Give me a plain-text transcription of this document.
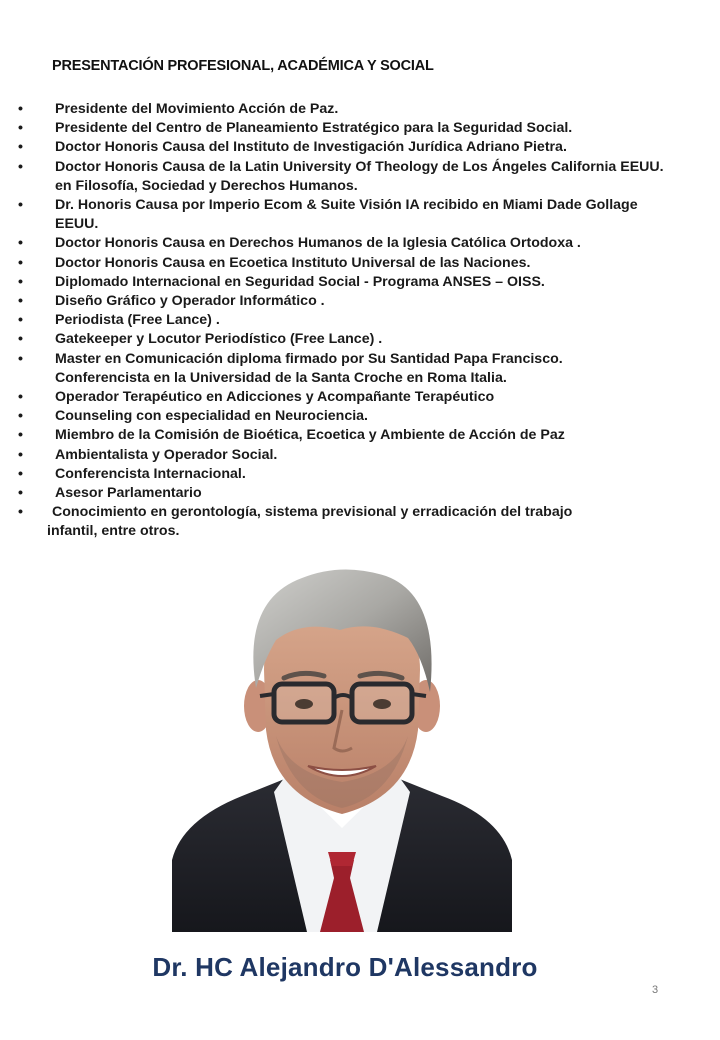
PRESENTACIÓN PROFESIONAL, ACADÉMICA Y SOCIAL
•	Presidente del Movimiento Acción de Paz.
•	Presidente del Centro de Planeamiento Estratégico para la Seguridad Social.
•	Doctor Honoris Causa del Instituto de Investigación Jurídica Adriano Pietra.
•	Doctor Honoris Causa de la Latin University Of Theology de Los Ángeles California EEUU. en Filosofía, Sociedad y Derechos Humanos.
•	Dr. Honoris Causa por Imperio Ecom & Suite Visión IA recibido en Miami Dade Gollage EEUU.
•	Doctor Honoris Causa en Derechos Humanos de la Iglesia Católica Ortodoxa .
•	Doctor Honoris Causa en Ecoetica Instituto Universal de las Naciones.
•	Diplomado Internacional en Seguridad Social - Programa ANSES – OISS.
•	Diseño Gráfico y Operador Informático .
•	Periodista (Free Lance) .
•	Gatekeeper y Locutor Periodístico (Free Lance) .
•	Master en Comunicación diploma firmado por Su Santidad Papa Francisco. Conferencista en la Universidad de la Santa Croche en Roma Italia.
•	Operador Terapéutico en Adicciones y Acompañante Terapéutico
•	Counseling con especialidad en Neurociencia.
•	Miembro de la Comisión de Bioética, Ecoetica y Ambiente de Acción de Paz
•	Ambientalista y Operador Social.
•	Conferencista Internacional.
•	Asesor Parlamentario
•	Conocimiento en gerontología, sistema previsional y erradicación del trabajo
infantil, entre otros.
Dr. HC Alejandro D'Alessandro
3
